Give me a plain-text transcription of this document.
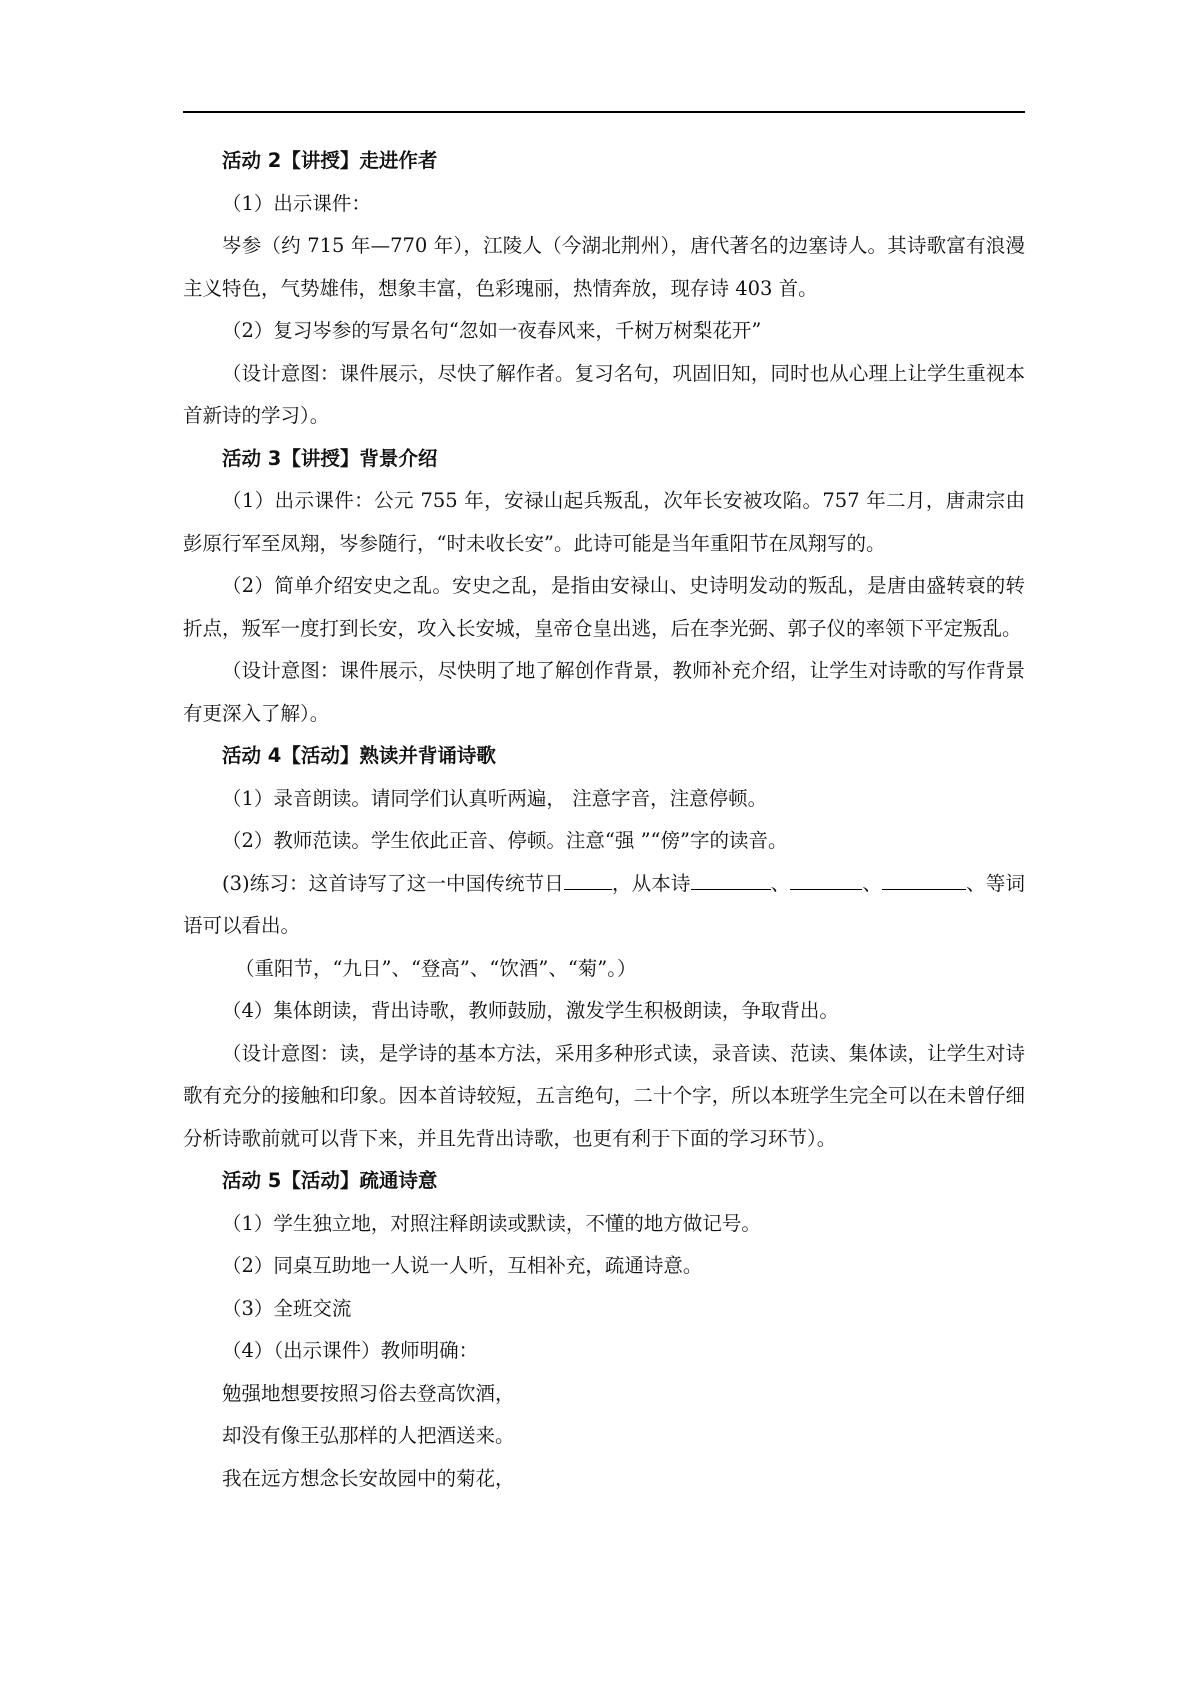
活动 2【讲授】走进作者

（1）出示课件：

岑参（约 715 年—770 年），江陵人（今湖北荆州），唐代著名的边塞诗人。其诗歌富有浪漫主义特色，气势雄伟，想象丰富，色彩瑰丽，热情奔放，现存诗 403 首。

（2）复习岑参的写景名句“忽如一夜春风来，千树万树梨花开”

（设计意图：课件展示，尽快了解作者。复习名句，巩固旧知，同时也从心理上让学生重视本首新诗的学习）。

活动 3【讲授】背景介绍

（1）出示课件：公元 755 年，安禄山起兵叛乱，次年长安被攻陷。757 年二月，唐肃宗由彭原行军至凤翔，岑参随行，“时未收长安”。此诗可能是当年重阳节在凤翔写的。

（2）简单介绍安史之乱。安史之乱，是指由安禄山、史诗明发动的叛乱，是唐由盛转衰的转折点，叛军一度打到长安，攻入长安城，皇帝仓皇出逃，后在李光弼、郭子仪的率领下平定叛乱。

（设计意图：课件展示，尽快明了地了解创作背景，教师补充介绍，让学生对诗歌的写作背景有更深入了解）。

活动 4【活动】熟读并背诵诗歌

（1）录音朗读。请同学们认真听两遍， 注意字音，注意停顿。

（2）教师范读。学生依此正音、停顿。注意“强 ”“傍”字的读音。

(3)练习：这首诗写了这一中国传统节日 ，从本诗	、	、	、等词语可以看出。

（重阳节，“九日”、“登高”、“饮酒”、“菊”。）

（4）集体朗读，背出诗歌，教师鼓励，激发学生积极朗读，争取背出。

（设计意图：读，是学诗的基本方法，采用多种形式读，录音读、范读、集体读，让学生对诗歌有充分的接触和印象。因本首诗较短，五言绝句，二十个字，所以本班学生完全可以在未曾仔细分析诗歌前就可以背下来，并且先背出诗歌，也更有利于下面的学习环节）。

活动 5【活动】疏通诗意

（1）学生独立地，对照注释朗读或默读，不懂的地方做记号。

（2）同桌互助地一人说一人听，互相补充，疏通诗意。

（3）全班交流

（4）（出示课件）教师明确：

勉强地想要按照习俗去登高饮酒，

却没有像王弘那样的人把酒送来。

我在远方想念长安故园中的菊花，
